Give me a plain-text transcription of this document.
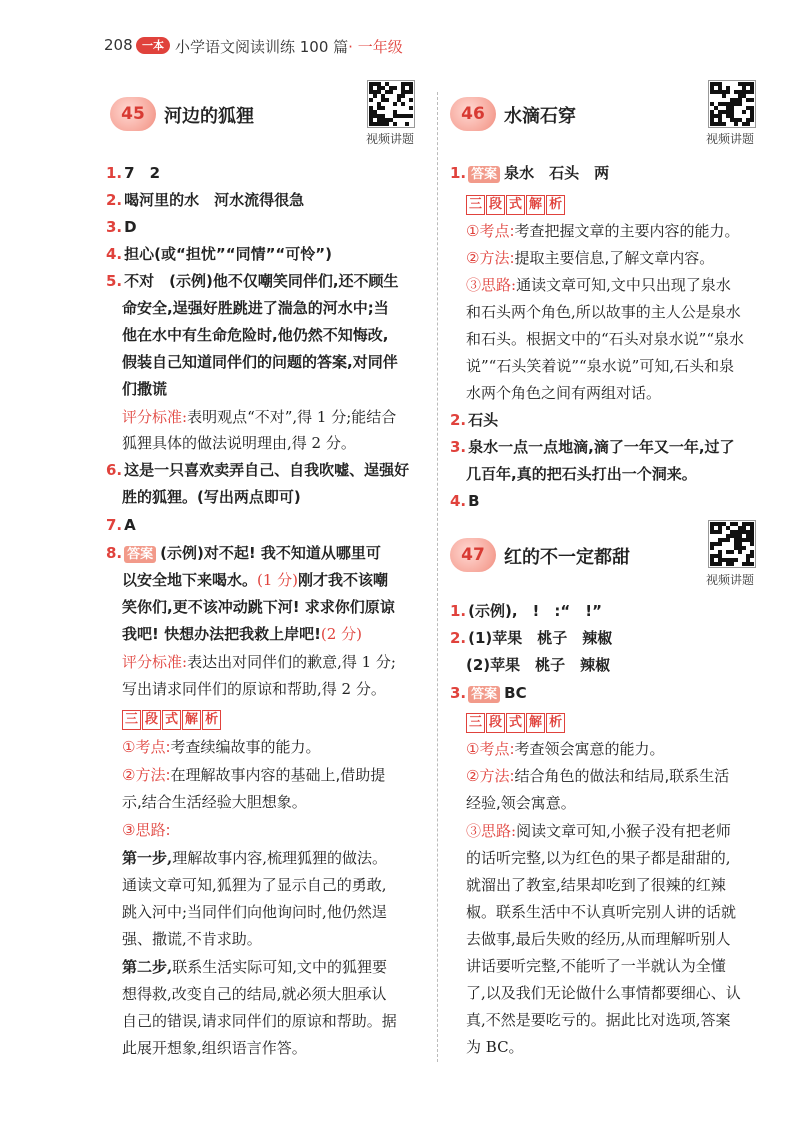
208 一本 小学语文阅读训练 100 篇· 一年级
45	河边的狐狸
视频讲题
46	水滴石穿
视频讲题
47	红的不一定都甜
视频讲题
1. 7　2
2. 喝河里的水　河水流得很急
3. D
4. 担心(或“担忧”“同情”“可怜”)
5. 不对　(示例)他不仅嘲笑同伴们,还不顾生
命安全,逞强好胜跳进了湍急的河水中;当
他在水中有生命危险时,他仍然不知悔改,
假装自己知道同伴们的问题的答案,对同伴
们撒谎
评分标准:表明观点“不对”,得 1 分;能结合
狐狸具体的做法说明理由,得 2 分。
6. 这是一只喜欢卖弄自己、自我吹嘘、逞强好
胜的狐狸。(写出两点即可)
7. A
8. 答案 (示例)对不起! 我不知道从哪里可
以安全地下来喝水。(1 分)刚才我不该嘲
笑你们,更不该冲动跳下河! 求求你们原谅
我吧! 快想办法把我救上岸吧!(2 分)
评分标准:表达出对同伴们的歉意,得 1 分;
写出请求同伴们的原谅和帮助,得 2 分。
三 段 式 解 析
①考点:考查续编故事的能力。
②方法:在理解故事内容的基础上,借助提
示,结合生活经验大胆想象。
③思路:
第一步,理解故事内容,梳理狐狸的做法。
通读文章可知,狐狸为了显示自己的勇敢,
跳入河中;当同伴们向他询问时,他仍然逞
强、撒谎,不肯求助。
第二步,联系生活实际可知,文中的狐狸要
想得救,改变自己的结局,就必须大胆承认
自己的错误,请求同伴们的原谅和帮助。据
此展开想象,组织语言作答。
1. 答案 泉水　石头　两
三 段 式 解 析
①考点:考查把握文章的主要内容的能力。
②方法:提取主要信息,了解文章内容。
③思路:通读文章可知,文中只出现了泉水
和石头两个角色,所以故事的主人公是泉水
和石头。根据文中的“石头对泉水说”“泉水
说”“石头笑着说”“泉水说”可知,石头和泉
水两个角色之间有两组对话。
2. 石头
3. 泉水一点一点地滴,滴了一年又一年,过了
几百年,真的把石头打出一个洞来。
4. B
1. (示例),　!　:“　!”
2. (1)苹果　桃子　辣椒
(2)苹果　桃子　辣椒
3. 答案 BC
三 段 式 解 析
①考点:考查领会寓意的能力。
②方法:结合角色的做法和结局,联系生活
经验,领会寓意。
③思路:阅读文章可知,小猴子没有把老师
的话听完整,以为红色的果子都是甜甜的,
就溜出了教室,结果却吃到了很辣的红辣
椒。联系生活中不认真听完别人讲的话就
去做事,最后失败的经历,从而理解听别人
讲话要听完整,不能听了一半就认为全懂
了,以及我们无论做什么事情都要细心、认
真,不然是要吃亏的。据此比对选项,答案
为 BC。
